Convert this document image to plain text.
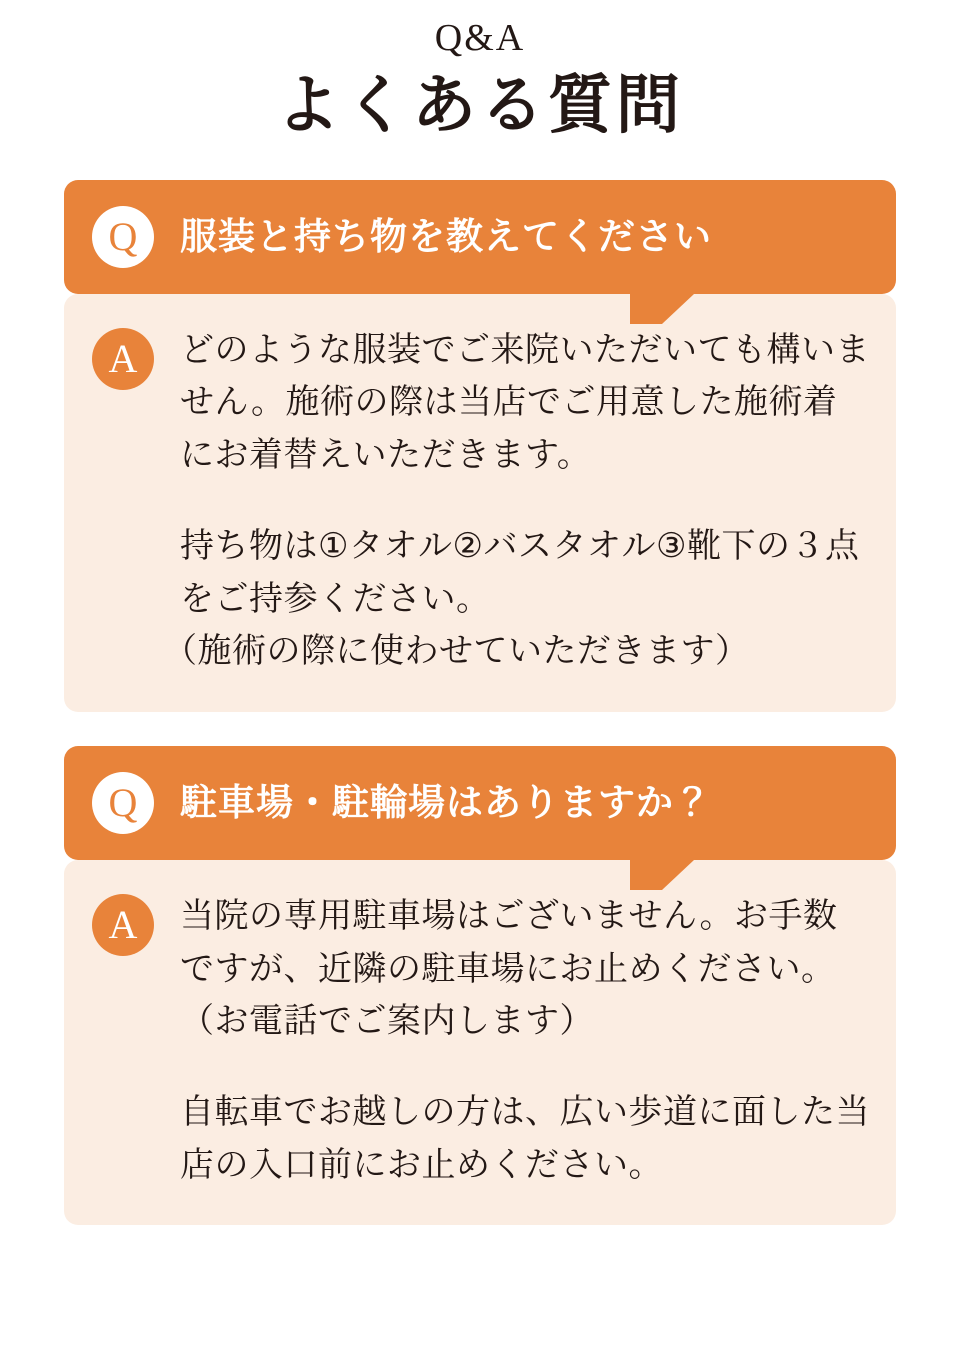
Q&A
よくある質問
Q	服装と持ち物を教えてください
A	どのような服装でご来院いただいても構いません。施術の際は当店でご用意した施術着にお着替えいただきます。

持ち物は①タオル②バスタオル③靴下の３点をご持参ください。

（施術の際に使わせていただきます）

Q	駐車場・駐輪場はありますか？
A	当院の専用駐車場はございません。お手数ですが、近隣の駐車場にお止めください。（お電話でご案内します）

自転車でお越しの方は、広い歩道に面した当店の入口前にお止めください。
